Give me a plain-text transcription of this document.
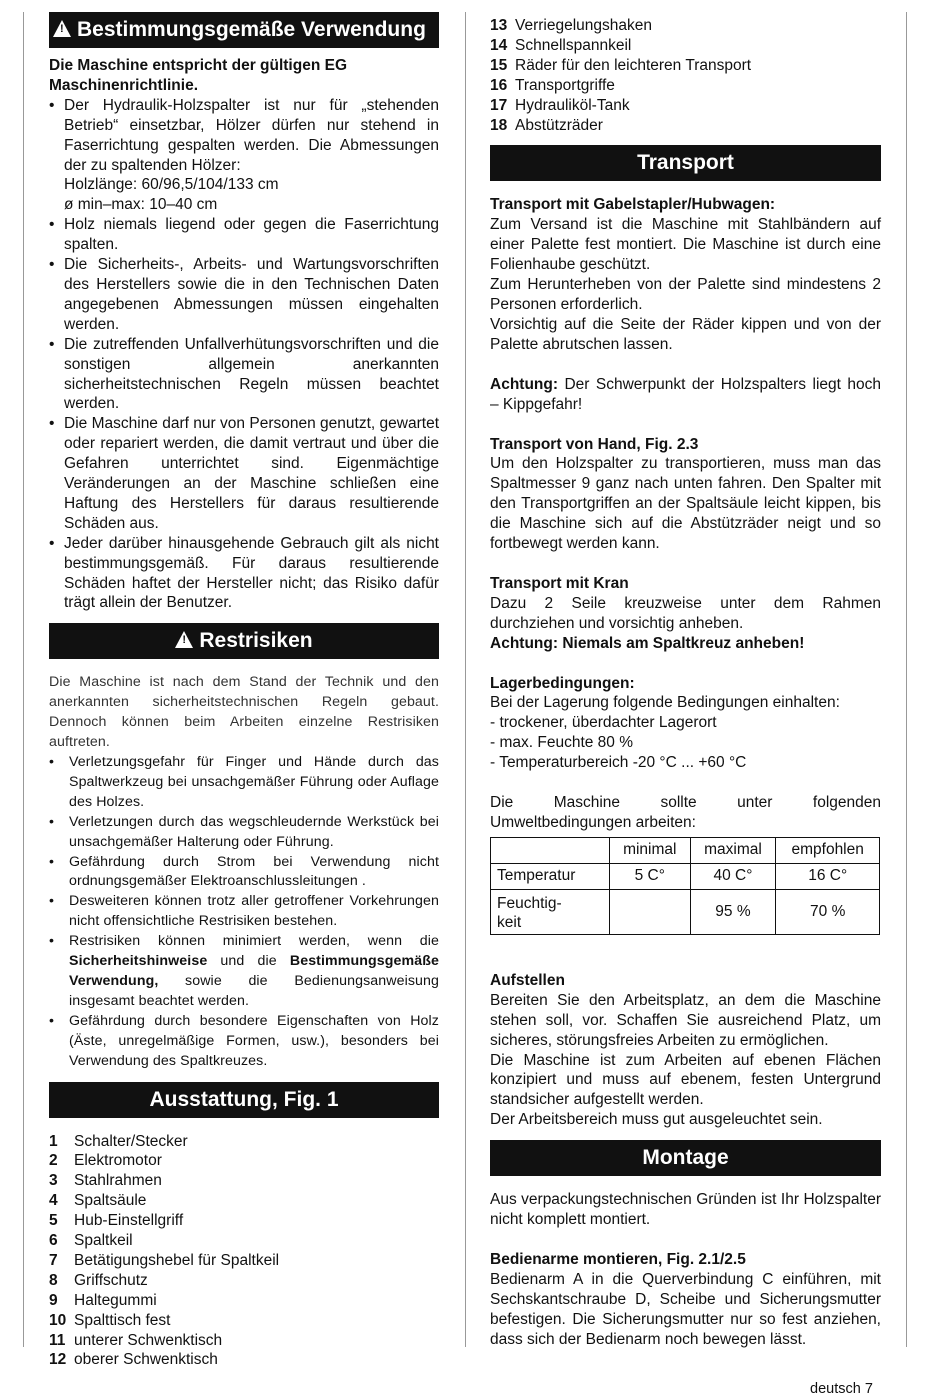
!Bestimmungsgemäße Verwendung

Die Maschine entspricht der gültigen EG Maschinenrichtlinie.

• Der Hydraulik-Holzspalter ist nur für „stehenden Betrieb“ einsetzbar, Hölzer dürfen nur stehend in Faserrichtung gespalten werden. Die Abmessungen der zu spaltenden Hölzer:
Holzlänge: 60/96,5/104/133 cm
ø min–max: 10–40 cm
• Holz niemals liegend oder gegen die Faserrichtung spalten.
• Die Sicherheits-, Arbeits- und Wartungsvorschriften des Herstellers sowie die in den Technischen Daten angegebenen Abmessungen müssen eingehalten werden.
• Die zutreffenden Unfallverhütungsvorschriften und die sonstigen allgemein anerkannten sicherheitstechnischen Regeln müssen beachtet werden.
• Die Maschine darf nur von Personen genutzt, gewartet oder repariert werden, die damit vertraut und über die Gefahren unterrichtet sind. Eigenmächtige Veränderungen an der Maschine schließen eine Haftung des Herstellers für daraus resultierende Schäden aus.
• Jeder darüber hinausgehende Gebrauch gilt als nicht bestimmungsgemäß. Für daraus resultierende Schäden haftet der Hersteller nicht; das Risiko dafür trägt allein der Benutzer.
!Restrisiken

Die Maschine ist nach dem Stand der Technik und den anerkannten sicherheitstechnischen Regeln gebaut. Dennoch können beim Arbeiten einzelne Restrisiken auftreten.

• Verletzungsgefahr für Finger und Hände durch das Spaltwerkzeug bei unsachgemäßer Führung oder Auflage des Holzes.
• Verletzungen durch das wegschleudernde Werkstück bei unsachgemäßer Halterung oder Führung.
• Gefährdung durch Strom bei Verwendung nicht ordnungsgemäßer Elektroanschlussleitungen .
• Desweiteren können trotz aller getroffener Vorkehrungen nicht offensichtliche Restrisiken bestehen.
• Restrisiken können minimiert werden, wenn die Sicherheitshinweise und die Bestimmungsgemäße Verwendung, sowie die Bedienungsanweisung insgesamt beachtet werden.
• Gefährdung durch besondere Eigenschaften von Holz (Äste, unregelmäßige Formen, usw.), besonders bei Verwendung des Spaltkreuzes.
Ausstattung, Fig. 1
1	Schalter/Stecker
2	Elektromotor
3	Stahlrahmen
4	Spaltsäule
5	Hub-Einstellgriff
6	Spaltkeil
7	Betätigungshebel für Spaltkeil
8	Griffschutz
9	Haltegummi
10 Spalttisch fest
11 unterer Schwenktisch
12 oberer Schwenktisch
13 Verriegelungshaken
14 Schnellspannkeil
15 Räder für den leichteren Transport
16 Transportgriffe
17 Hydrauliköl-Tank
18 Abstützräder
Transport

Transport mit Gabelstapler/Hubwagen:

Zum Versand ist die Maschine mit Stahlbändern auf einer Palette fest montiert. Die Maschine ist durch eine Folienhaube geschützt.

Zum Herunterheben von der Palette sind mindestens 2 Personen erforderlich.

Vorsichtig auf die Seite der Räder kippen und von der Palette abrutschen lassen.

Achtung: Der Schwerpunkt der Holzspalters liegt hoch – Kippgefahr!

Transport von Hand, Fig. 2.3

Um den Holzspalter zu transportieren, muss man das Spaltmesser 9 ganz nach unten fahren. Den Spalter mit den Transportgriffen an der Spaltsäule leicht kippen, bis die Maschine sich auf die Abstützräder neigt und so fortbewegt werden kann.

Transport mit Kran

Dazu 2 Seile kreuzweise unter dem Rahmen durchziehen und vorsichtig anheben.

Achtung: Niemals am Spaltkreuz anheben!

Lagerbedingungen:

Bei der Lagerung folgende Bedingungen einhalten:

- trockener, überdachter Lagerort

- max. Feuchte 80 %

- Temperaturbereich -20 °C ... +60 °C

Die Maschine sollte unter folgenden Umweltbedingungen arbeiten:

	minimal	maximal	empfohlen
Temperatur	5 C°	40 C°	16 C°
Feuchtig-keit		95 %	70 %

Aufstellen

Bereiten Sie den Arbeitsplatz, an dem die Maschine stehen soll, vor. Schaffen Sie ausreichend Platz, um sicheres, störungsfreies Arbeiten zu ermöglichen.

Die Maschine ist zum Arbeiten auf ebenen Flächen konzipiert und muss auf ebenem, festen Untergrund standsicher aufgestellt werden.

Der Arbeitsbereich muss gut ausgeleuchtet sein.

Montage

Aus verpackungstechnischen Gründen ist Ihr Holzspalter nicht komplett montiert.

Bedienarme montieren, Fig. 2.1/2.5

Bedienarm A in die Querverbindung C einführen, mit Sechskantschraube D, Scheibe und Sicherungsmutter befestigen. Die Sicherungsmutter nur so fest anziehen, dass sich der Bedienarm noch bewegen lässt.

deutsch 7
